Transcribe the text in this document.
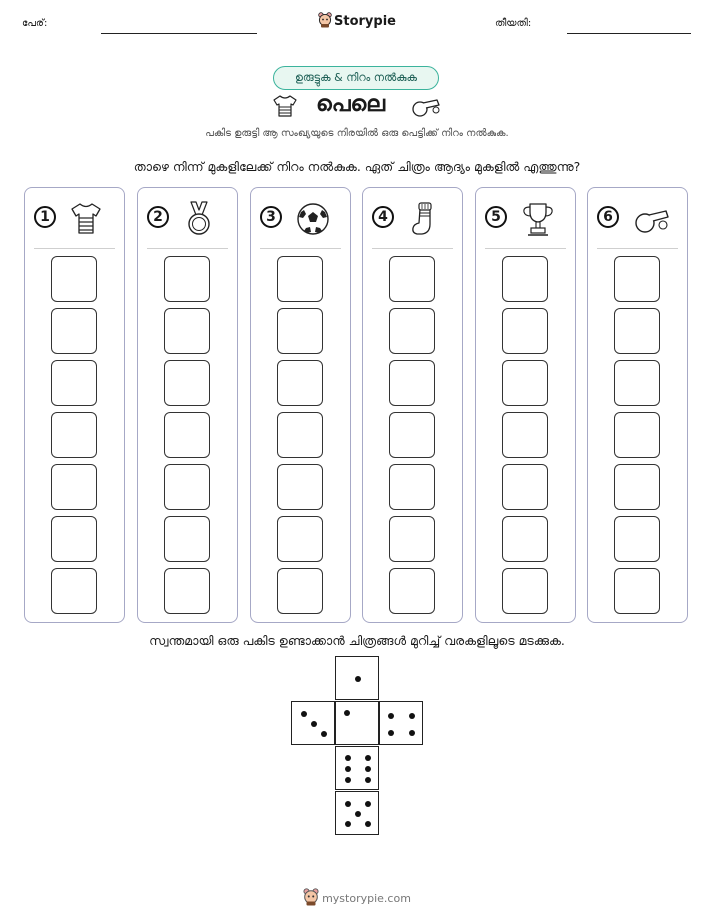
പേര്:	Storypie	തീയതി:
ഉരുട്ടുക & നിറം നൽകുക
പെലെ
പകിട ഉരുട്ടി ആ സംഖ്യയുടെ നിരയിൽ ഒരു പെട്ടിക്ക് നിറം നൽകുക.
താഴെ നിന്ന് മുകളിലേക്ക് നിറം നൽകുക. ഏത് ചിത്രം ആദ്യം മുകളിൽ എത്തുന്നു?
1	2	3	4	5	6
സ്വന്തമായി ഒരു പകിട ഉണ്ടാക്കാൻ ചിത്രങ്ങൾ മുറിച്ച് വരകളിലൂടെ മടക്കുക.
mystorypie.com
